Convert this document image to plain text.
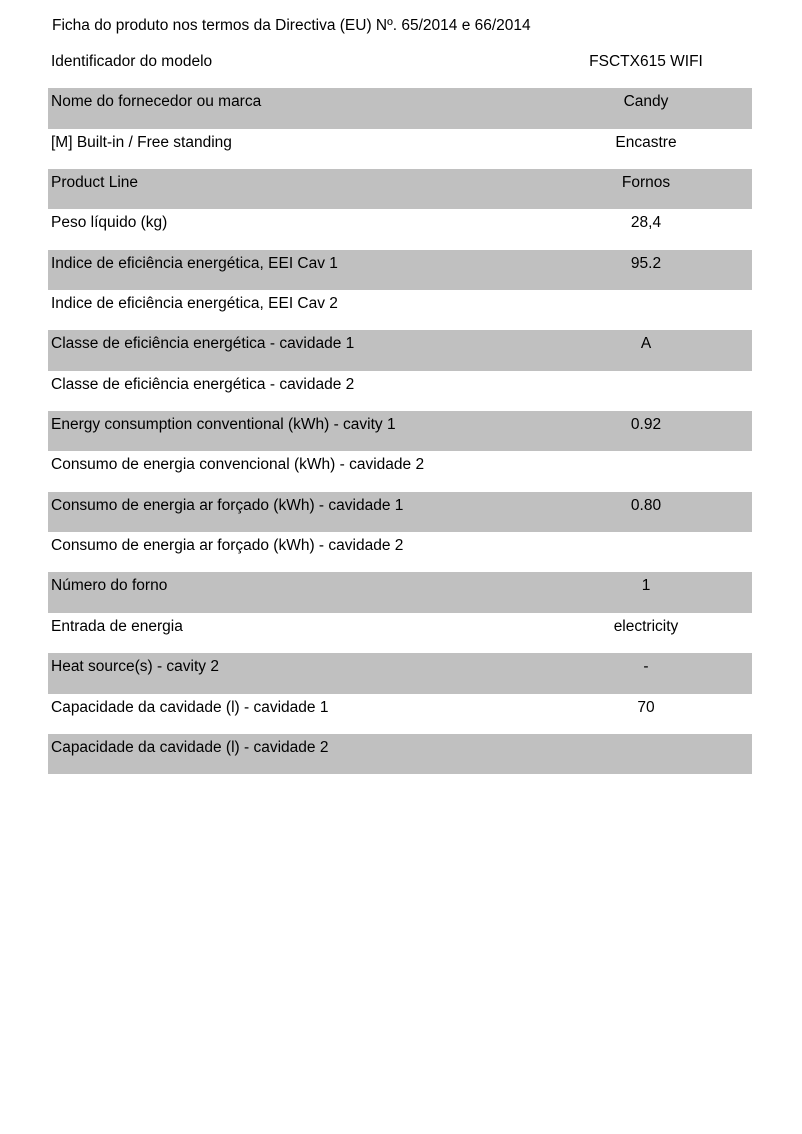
Ficha do produto nos termos da Directiva (EU) Nº. 65/2014 e 66/2014
Identificador do modelo	FSCTX615 WIFI
Nome do fornecedor ou marca	Candy
[M] Built-in / Free standing	Encastre
Product Line	Fornos
Peso líquido (kg)	28,4
Indice de eficiência energética, EEI Cav 1	95.2
Indice de eficiência energética, EEI Cav 2
Classe de eficiência energética - cavidade 1	A
Classe de eficiência energética - cavidade 2
Energy consumption conventional (kWh) - cavity 1	0.92
Consumo de energia convencional (kWh) - cavidade 2
Consumo de energia ar forçado (kWh) - cavidade 1	0.80
Consumo de energia ar forçado (kWh) - cavidade 2
Número do forno	1
Entrada de energia	electricity
Heat source(s) - cavity 2	-
Capacidade da cavidade (l) - cavidade 1	70
Capacidade da cavidade (l) - cavidade 2
